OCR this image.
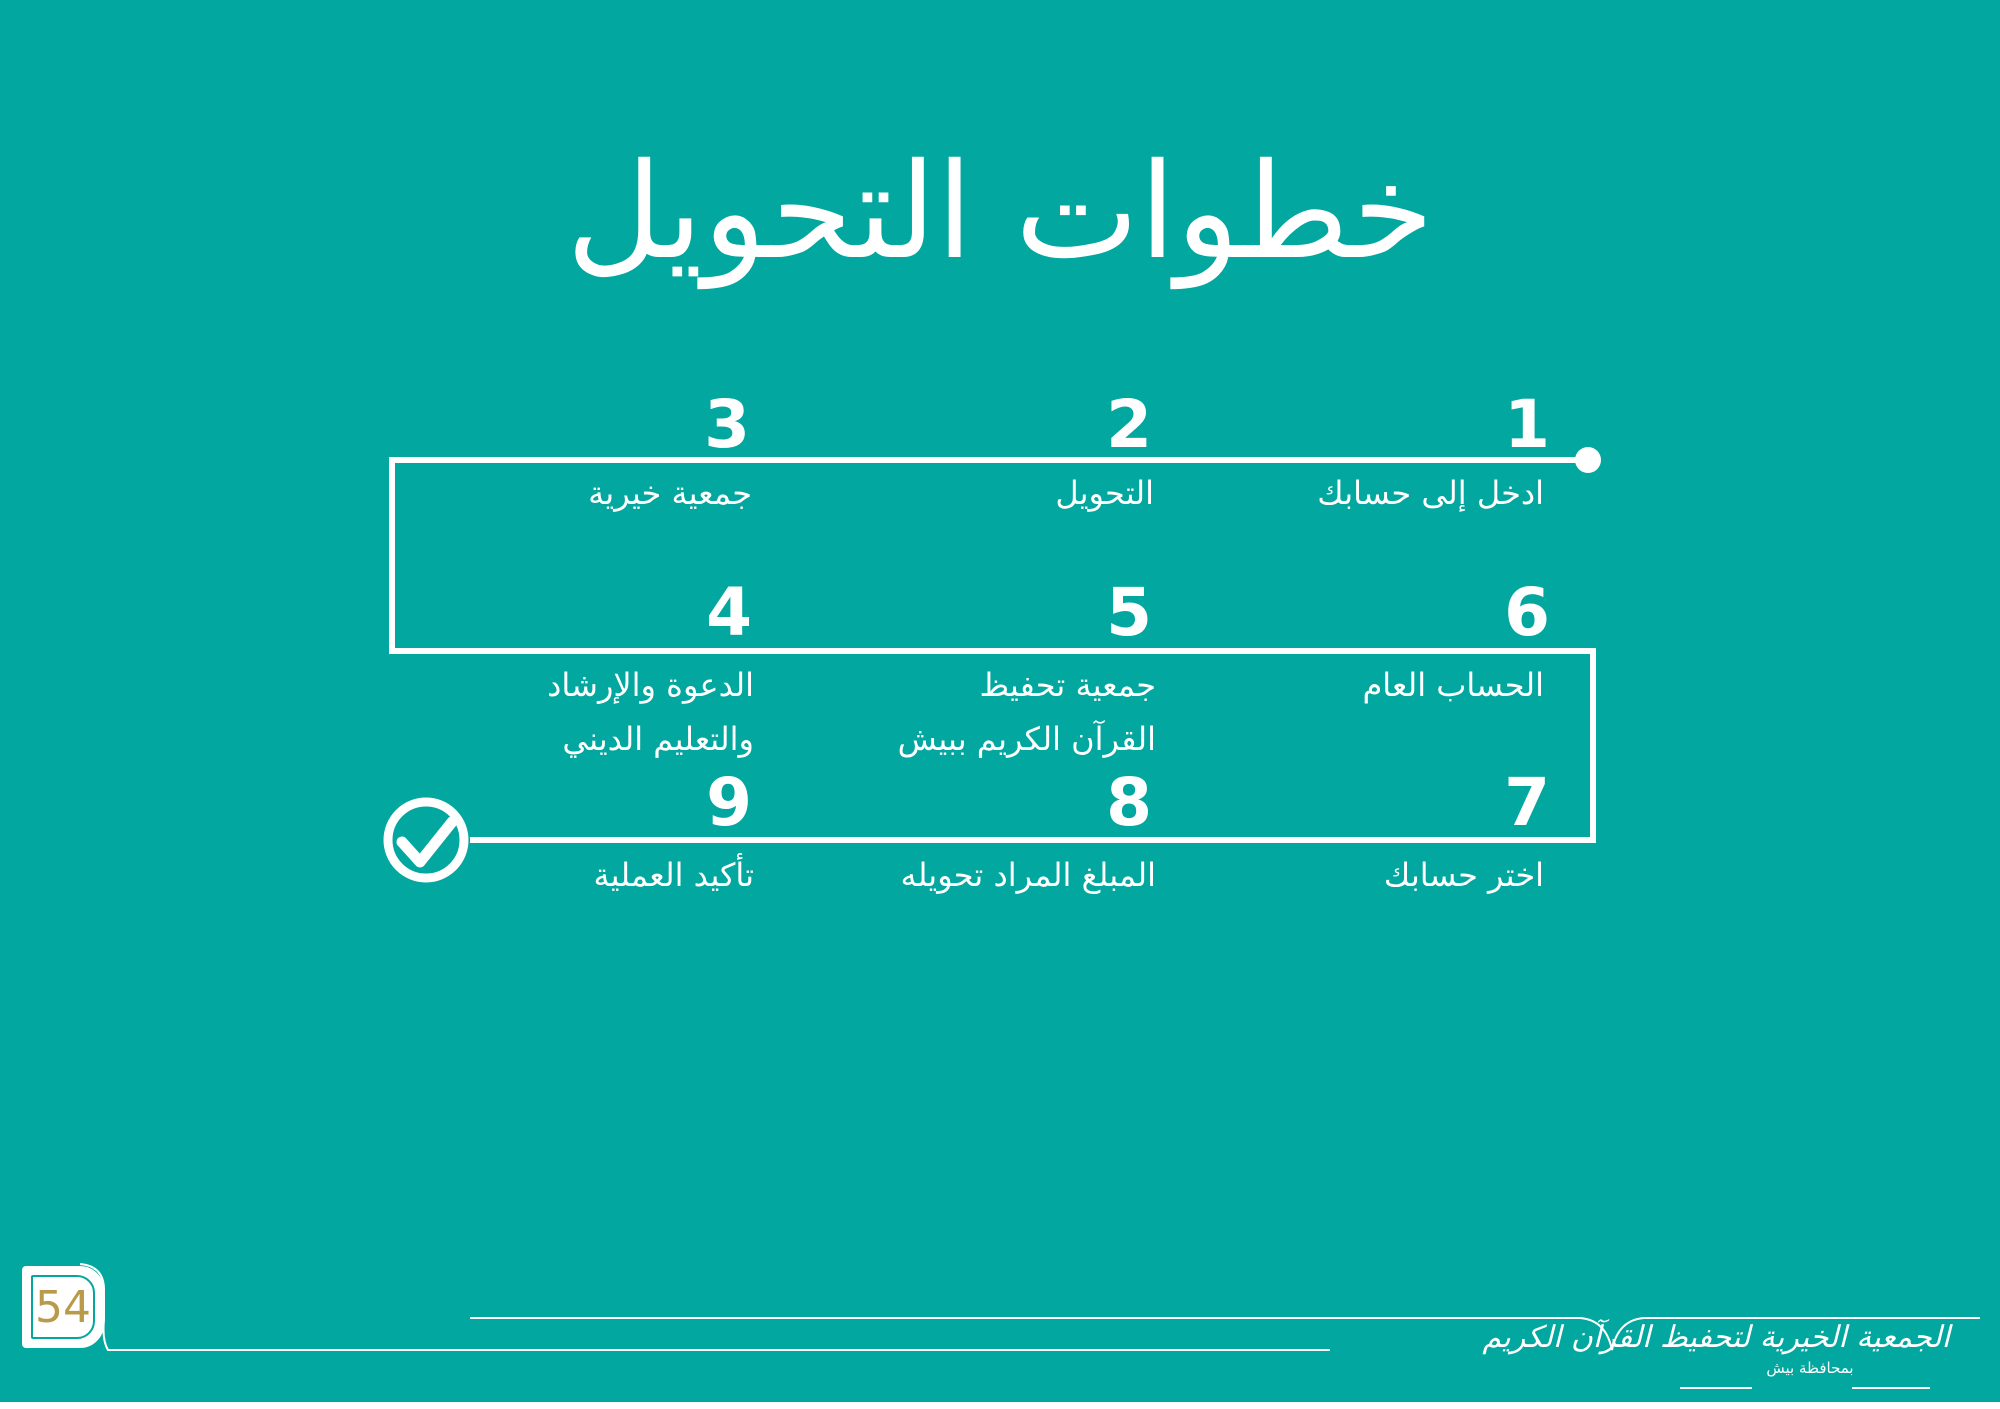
خطوات التحويل
1
ادخل إلى حسابك
2
التحويل
3
جمعية خيرية
6
الحساب العام
5
جمعية تحفيظ
القرآن الكريم ببيش
4
الدعوة والإرشاد
والتعليم الديني
7
اختر حسابك
8
المبلغ المراد تحويله
9
تأكيد العملية
54
الجمعية الخيرية لتحفيظ القرآن الكريم
بمحافظة بيش
